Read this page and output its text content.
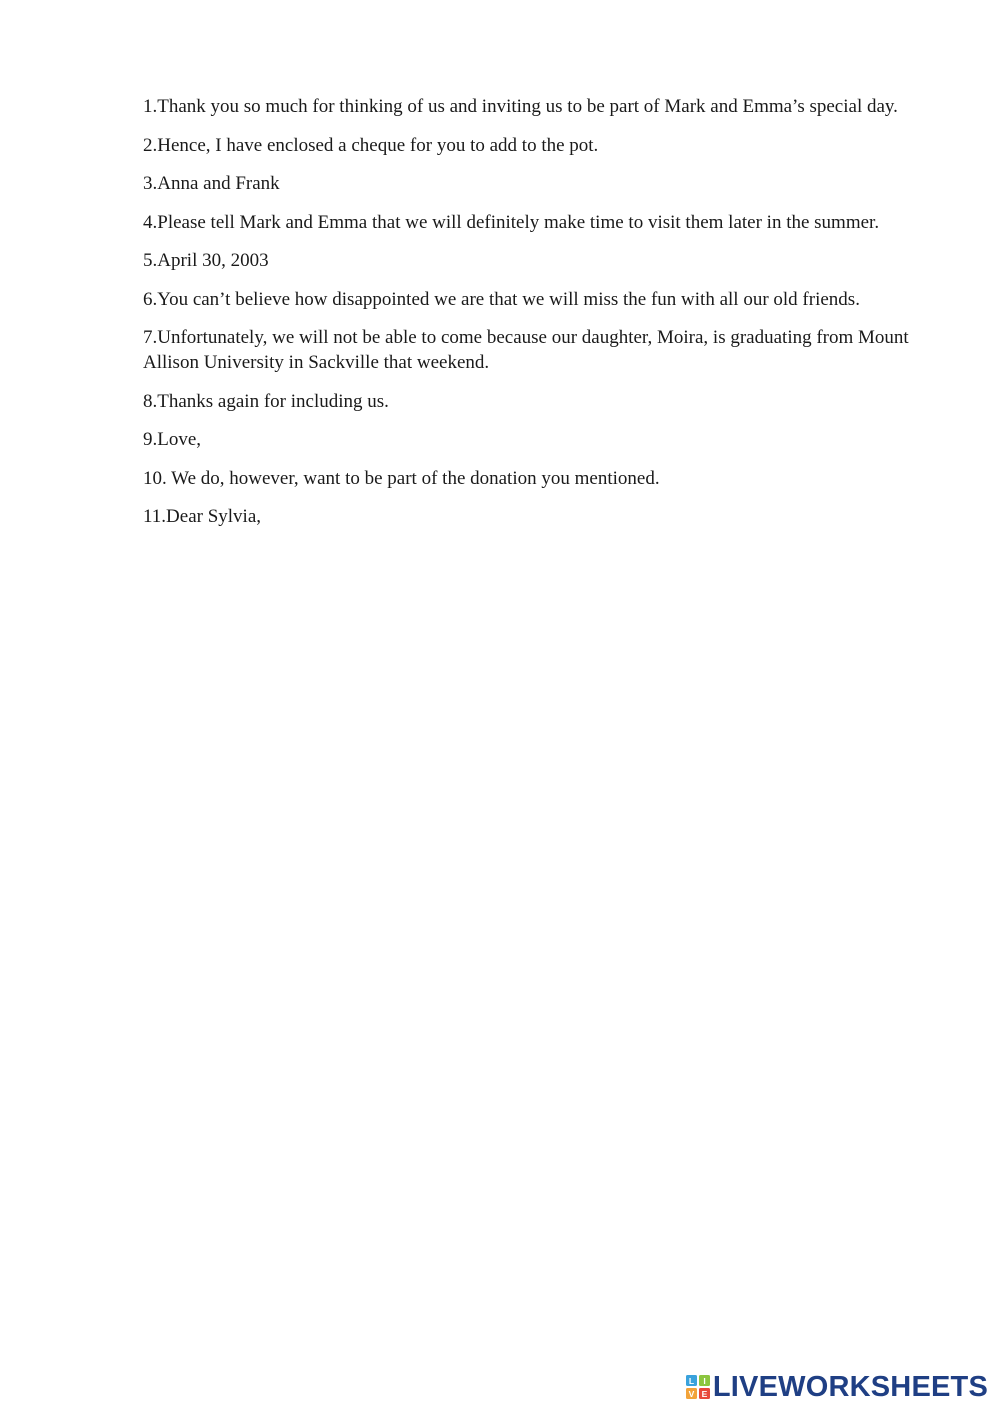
1.Thank you so much for thinking of us and inviting us to be part of Mark and Emma’s special day.
2.Hence, I have enclosed a cheque for you to add to the pot.
3.Anna and Frank
4.Please tell Mark and Emma that we will definitely make time to visit them later in the summer.
5.April 30, 2003
6.You can’t believe how disappointed we are that we will miss the fun with all our old friends.
7.Unfortunately, we will not be able to come because our daughter, Moira, is graduating from Mount Allison University in Sackville that weekend.
8.Thanks again for including us.
9.Love,
10. We do, however, want to be part of the donation you mentioned.
11.Dear Sylvia,
L I
V E LIVEWORKSHEETS
